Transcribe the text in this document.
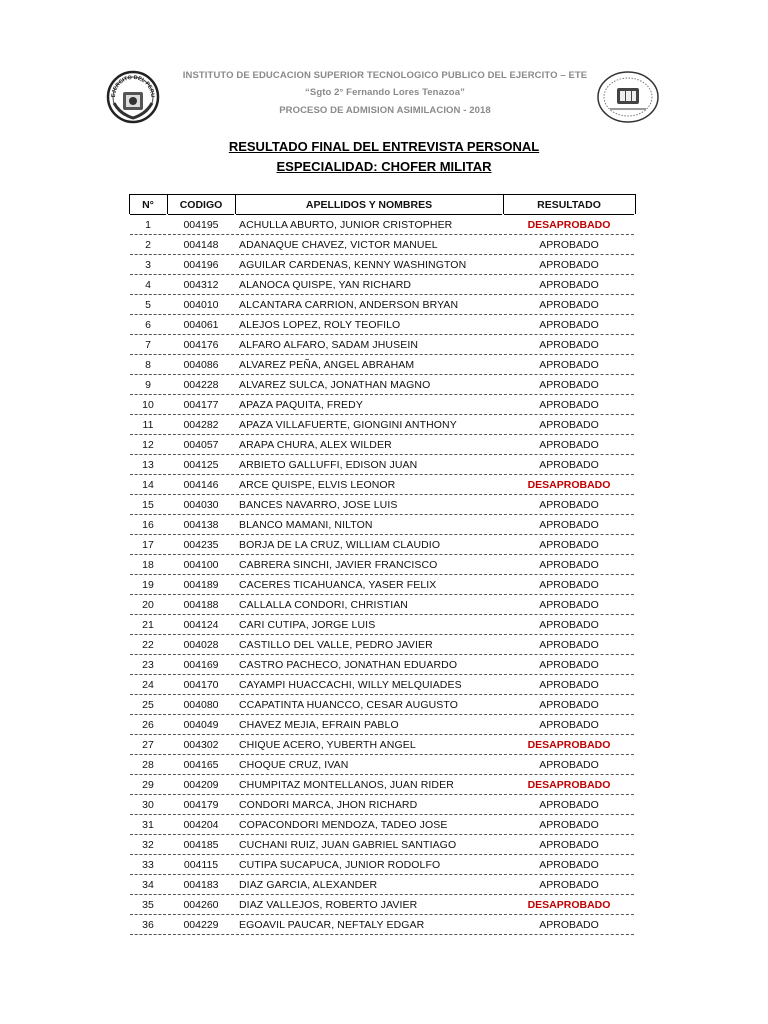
EJERCITO DEL PERU
INSTITUTO DE EDUCACION SUPERIOR TECNOLOGICO PUBLICO DEL EJERCITO – ETE
“Sgto 2° Fernando Lores Tenazoa”
PROCESO DE ADMISION ASIMILACION - 2018
RESULTADO FINAL DEL ENTREVISTA PERSONAL
ESPECIALIDAD: CHOFER MILITAR
N°	CODIGO	APELLIDOS Y NOMBRES	RESULTADO
1	004195	ACHULLA ABURTO, JUNIOR CRISTOPHER	DESAPROBADO
2	004148	ADANAQUE CHAVEZ, VICTOR MANUEL	APROBADO
3	004196	AGUILAR CARDENAS, KENNY WASHINGTON	APROBADO
4	004312	ALANOCA QUISPE, YAN RICHARD	APROBADO
5	004010	ALCANTARA CARRION, ANDERSON BRYAN	APROBADO
6	004061	ALEJOS LOPEZ, ROLY TEOFILO	APROBADO
7	004176	ALFARO ALFARO, SADAM JHUSEIN	APROBADO
8	004086	ALVAREZ PEÑA, ANGEL ABRAHAM	APROBADO
9	004228	ALVAREZ SULCA, JONATHAN MAGNO	APROBADO
10	004177	APAZA PAQUITA, FREDY	APROBADO
11	004282	APAZA VILLAFUERTE, GIONGINI ANTHONY	APROBADO
12	004057	ARAPA CHURA, ALEX WILDER	APROBADO
13	004125	ARBIETO GALLUFFI, EDISON JUAN	APROBADO
14	004146	ARCE QUISPE, ELVIS LEONOR	DESAPROBADO
15	004030	BANCES NAVARRO, JOSE LUIS	APROBADO
16	004138	BLANCO MAMANI, NILTON	APROBADO
17	004235	BORJA DE LA CRUZ, WILLIAM CLAUDIO	APROBADO
18	004100	CABRERA SINCHI, JAVIER FRANCISCO	APROBADO
19	004189	CACERES TICAHUANCA, YASER FELIX	APROBADO
20	004188	CALLALLA CONDORI, CHRISTIAN	APROBADO
21	004124	CARI CUTIPA, JORGE LUIS	APROBADO
22	004028	CASTILLO DEL VALLE, PEDRO JAVIER	APROBADO
23	004169	CASTRO PACHECO, JONATHAN EDUARDO	APROBADO
24	004170	CAYAMPI HUACCACHI, WILLY MELQUIADES	APROBADO
25	004080	CCAPATINTA HUANCCO, CESAR AUGUSTO	APROBADO
26	004049	CHAVEZ MEJIA, EFRAIN PABLO	APROBADO
27	004302	CHIQUE ACERO, YUBERTH ANGEL	DESAPROBADO
28	004165	CHOQUE CRUZ, IVAN	APROBADO
29	004209	CHUMPITAZ MONTELLANOS, JUAN RIDER	DESAPROBADO
30	004179	CONDORI MARCA, JHON RICHARD	APROBADO
31	004204	COPACONDORI MENDOZA, TADEO JOSE	APROBADO
32	004185	CUCHANI RUIZ, JUAN GABRIEL SANTIAGO	APROBADO
33	004115	CUTIPA SUCAPUCA, JUNIOR RODOLFO	APROBADO
34	004183	DIAZ GARCIA, ALEXANDER	APROBADO
35	004260	DIAZ VALLEJOS, ROBERTO JAVIER	DESAPROBADO
36	004229	EGOAVIL PAUCAR, NEFTALY EDGAR	APROBADO
